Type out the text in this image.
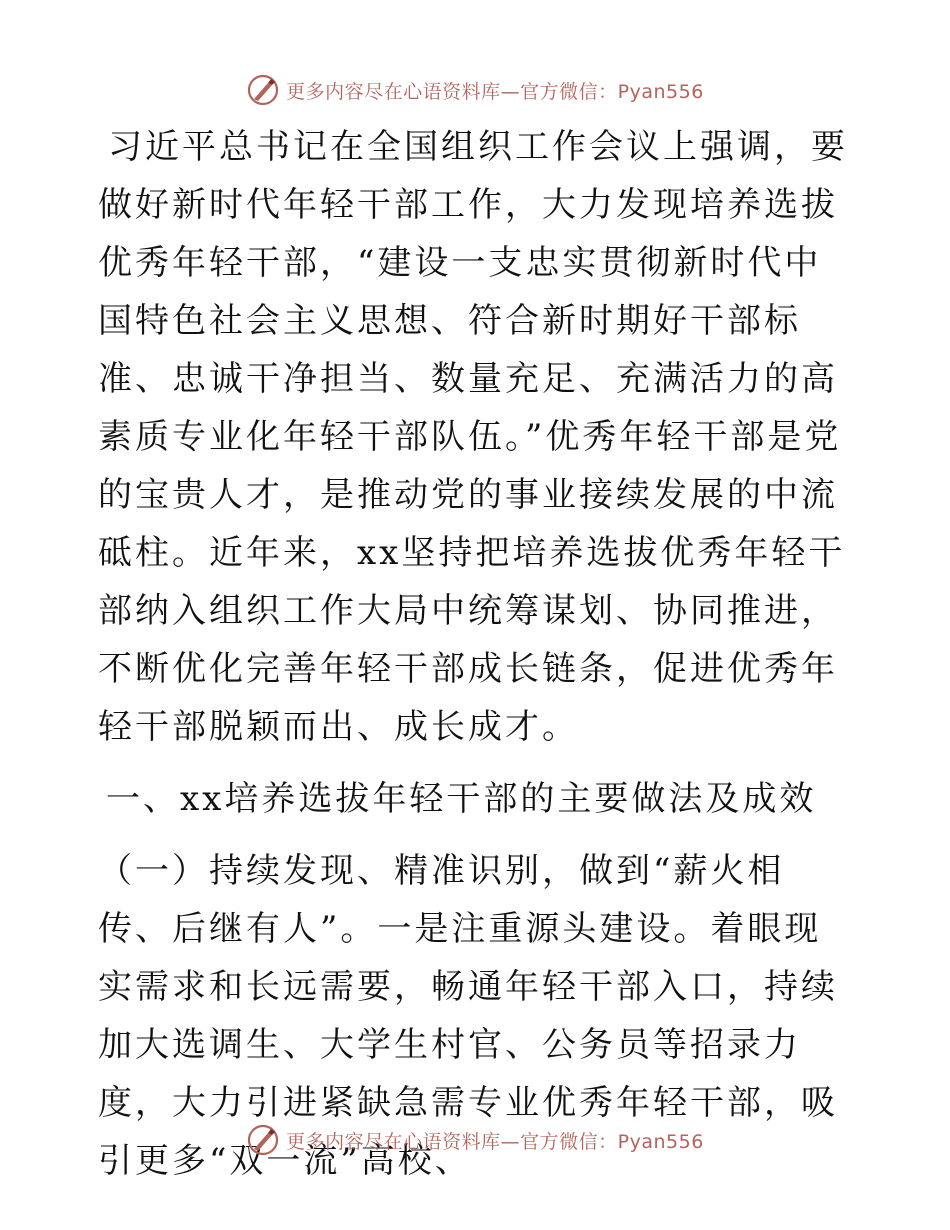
更多内容尽在心语资料库—官方微信：Pyan556

习近平总书记在全国组织工作会议上强调，要做好新时代年轻干部工作，大力发现培养选拔优秀年轻干部，“建设一支忠实贯彻新时代中国特色社会主义思想、符合新时期好干部标准、忠诚干净担当、数量充足、充满活力的高素质专业化年轻干部队伍。”优秀年轻干部是党的宝贵人才，是推动党的事业接续发展的中流砥柱。近年来，xx坚持把培养选拔优秀年轻干部纳入组织工作大局中统筹谋划、协同推进，不断优化完善年轻干部成长链条，促进优秀年轻干部脱颖而出、成长成才。

一、xx培养选拔年轻干部的主要做法及成效

（一）持续发现、精准识别，做到“薪火相传、后继有人”。一是注重源头建设。着眼现实需求和长远需要，畅通年轻干部入口，持续加大选调生、大学生村官、公务员等招录力度，大力引进紧缺急需专业优秀年轻干部，吸引更多“双一流”高校、

更多内容尽在心语资料库—官方微信：Pyan556
